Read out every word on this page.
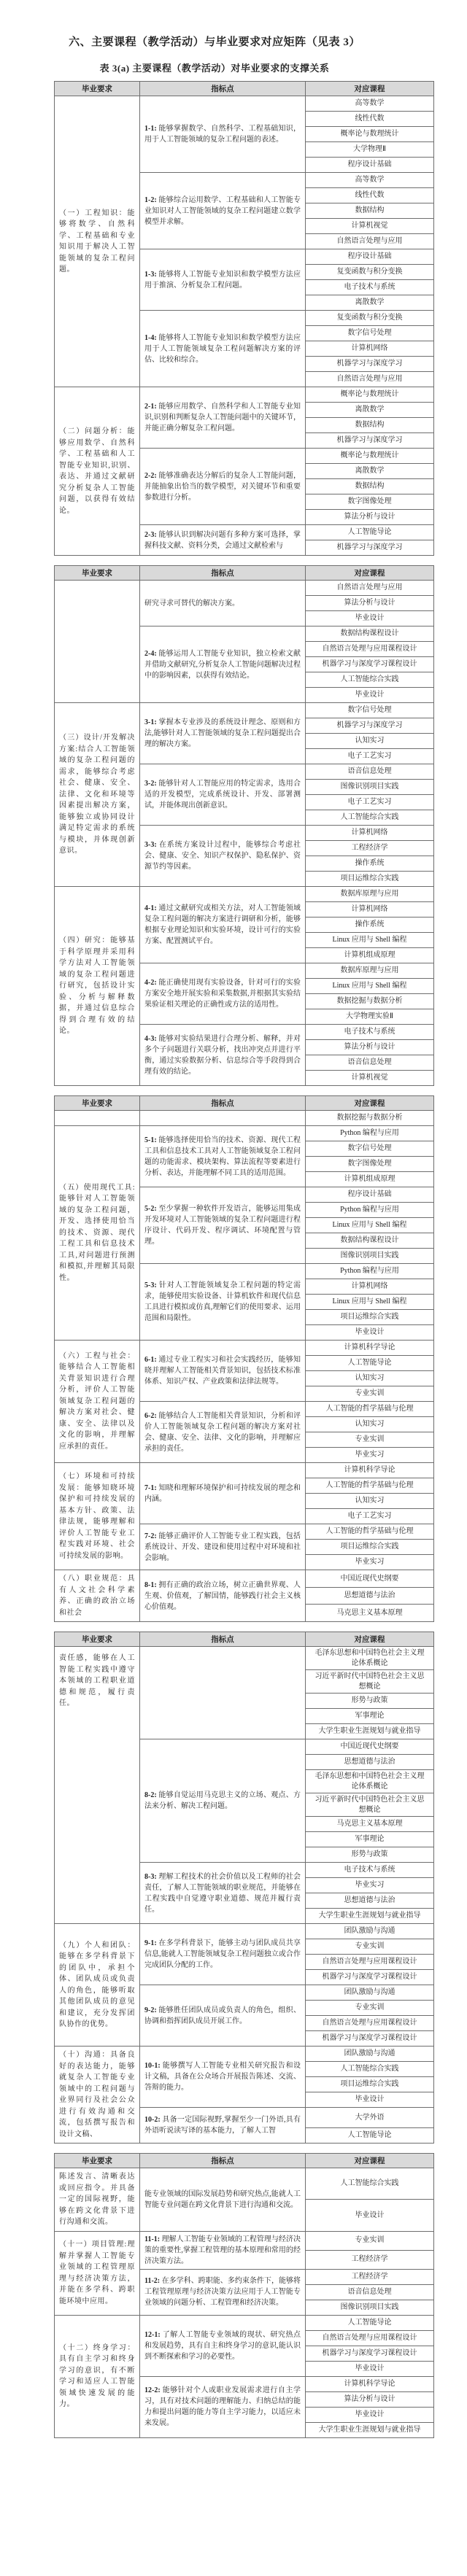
六、主要课程（教学活动）与毕业要求对应矩阵（见表 3）
表 3(a) 主要课程（教学活动）对毕业要求的支撑关系
毕业要求	指标点	对应课程
（一）工程知识：能够将数学、自然科学、工程基础和专业知识用于解决人工智能领域的复杂工程问题。	1-1: 能够掌握数学、自然科学、工程基础知识，用于人工智能领域的复杂工程问题的表述。	高等数学
		线性代数
		概率论与数理统计
		大学物理Ⅱ
		程序设计基础
	1-2: 能够综合运用数学、工程基础和人工智能专业知识对人工智能领域的复杂工程问题建立数学模型并求解。	高等数学
		线性代数
		数据结构
		计算机视觉
		自然语言处理与应用
	1-3: 能够将人工智能专业知识和数学模型方法应用于推演、分析复杂工程问题。	程序设计基础
		复变函数与积分变换
		电子技术与系统
		离散数学
	1-4: 能够将人工智能专业知识和数学模型方法应用于人工智能领域复杂工程问题解决方案的评估、比较和综合。	复变函数与积分变换
		数字信号处理
		计算机网络
		机器学习与深度学习
		自然语言处理与应用
（二）问题分析：能够应用数学、自然科学、工程基础和人工智能专业知识,识别、表达、并通过文献研究分析复杂人工智能问题，以获得有效结论。	2-1: 能够应用数学、自然科学和人工智能专业知识,识别和判断复杂人工智能问题中的关键环节，并能正确分解复杂工程问题。	概率论与数理统计
		离散数学
		数据结构
		机器学习与深度学习
	2-2: 能够准确表达分解后的复杂人工智能问题，并能抽象出恰当的数学模型，对关键环节和重要参数进行分析。	概率论与数理统计
		离散数学
		数据结构
		数字图像处理
		算法分析与设计
	2-3: 能够认识到解决问题有多种方案可选择，掌握科技文献、资料分类，会通过文献检索与	人工智能导论
		机器学习与深度学习
毕业要求	指标点	对应课程
	研究寻求可替代的解决方案。	自然语言处理与应用
		算法分析与设计
		毕业设计
	2-4: 能够运用人工智能专业知识，独立检索文献并借助文献研究,分析复杂人工智能问题解决过程中的影响因素，以获得有效结论。	数据结构课程设计
		自然语言处理与应用课程设计
		机器学习与深度学习课程设计
		人工智能综合实践
		毕业设计
（三）设计/开发解决方案:结合人工智能领域的复杂工程问题的需求，能够综合考虑社会、健康、安全、法律、文化和环境等因素提出解决方案，能够独立或协同设计满足特定需求的系统与模块，并体现创新意识。	3-1: 掌握本专业涉及的系统设计理念、原则和方法,能够针对人工智能领域的复杂工程问题提出合理的解决方案。	数字信号处理
		机器学习与深度学习
		认知实习
		电子工艺实习
	3-2: 能够针对人工智能应用的特定需求，选用合适的开发模型，完成系统设计、开发、部署测试，并能体现出创新意识。	语音信息处理
		图像识别项目实践
		电子工艺实习
		人工智能综合实践
	3-3: 在系统方案设计过程中，能够综合考虑社会、健康、安全、知识产权保护、隐私保护、资源节约等因素。	计算机网络
		工程经济学
		操作系统
		项目运维综合实践
（四）研究：能够基于科学原理并采用科学方法对人工智能领域的复杂工程问题进行研究，包括设计实验、分析与解释数据，并通过信息综合得到合理有效的结论。	4-1: 通过文献研究或相关方法，对人工智能领域复杂工程问题的解决方案进行调研和分析，能够根据专业理论知识和实验环境，设计可行的实验方案、配置测试平台。	数据库原理与应用
		计算机网络
		操作系统
		Linux 应用与 Shell 编程
		计算机组成原理
	4-2: 能正确使用现有实验设备，针对可行的实验方案安全地开展实验和采集数据,并根据其实验结果验证相关理论的正确性或方法的适用性。	数据库原理与应用
		Linux 应用与 Shell 编程
		数据挖掘与数据分析
		大学物理实验Ⅱ
	4-3: 能够对实验结果进行合理分析、解释，并对多个子问题进行关联分析，找出冲突点并进行平衡，通过实验数据分析、信息综合等手段得到合理有效的结论。	电子技术与系统
		算法分析与设计
		语音信息处理
		计算机视觉
毕业要求	指标点	对应课程
		数据挖掘与数据分析
（五）使用现代工具:能够针对人工智能领域的复杂工程问题，开发、选择使用恰当的技术、资源、现代工程工具和信息技术工具,对问题进行预测和模拟,并理解其局限性。	5-1: 能够选择使用恰当的技术、资源、现代工程工具和信息技术工具对人工智能领域复杂工程问题的功能需求、模块架构、算法流程等要素进行分析、表达，并能理解不同工具的适用范围。	Python 编程与应用
		数字信号处理
		数字图像处理
		计算机组成原理
	5-2: 至少掌握一种软件开发语言，能够运用集成开发环境对人工智能领域的复杂工程问题进行程序设计、代码开发、程序调试、环境配置与管理。	程序设计基础
		Python 编程与应用
		Linux 应用与 Shell 编程
		数据结构课程设计
		图像识别项目实践
	5-3: 针对人工智能领域复杂工程问题的特定需求，能够使用实验设备、计算机软件和现代信息工具进行模拟或仿真,理解它们的使用要求、运用范围和局限性。	Python 编程与应用
		计算机网络
		Linux 应用与 Shell 编程
		项目运维综合实践
		毕业设计
（六）工程与社会：能够结合人工智能相关背景知识进行合理分析，评价人工智能领域复杂工程问题的解决方案对社会、健康、安全、法律以及文化的影响，并理解应承担的责任。	6-1: 通过专业工程实习和社会实践经历，能够知晓并理解人工智能相关背景知识，包括技术标准体系、知识产权、产业政策和法律法规等。	计算机科学导论
		人工智能导论
		认知实习
		专业实训
	6-2: 能够结合人工智能相关背景知识，分析和评价人工智能领域复杂工程问题的解决方案对社会、健康、安全、法律、文化的影响，并理解应承担的责任。	人工智能的哲学基础与伦理
		认知实习
		专业实训
		毕业实习
（七）环境和可持续发展：能够知晓环境保护和可持续发展的基本方针、政策、法律法规，能够理解和评价人工智能专业工程实践对环境、社会可持续发展的影响。	7-1: 知晓和理解环境保护和可持续发展的理念和内涵。	计算机科学导论
		人工智能的哲学基础与伦理
		认知实习
		电子工艺实习
	7-2: 能够正确评价人工智能专业工程实践，包括系统设计、开发、建设和使用过程中对环境和社会影响。	人工智能的哲学基础与伦理
		项目运维综合实践
		毕业实习
（八）职业规范：具有人文社会科学素养、正确的政治立场和社会	8-1: 拥有正确的政治立场，树立正确世界观、人生观、价值观，了解国情，能够践行社会主义核心价值观。	中国近现代史纲要
		思想道德与法治
		马克思主义基本原理
毕业要求	指标点	对应课程
责任感，能够在人工智能工程实践中遵守本领域的工程职业道德和规范，履行责任。		毛泽东思想和中国特色社会主义理论体系概论
		习近平新时代中国特色社会主义思想概论
		形势与政策
		军事理论
		大学生职业生涯规划与就业指导
	8-2: 能够自觉运用马克思主义的立场、观点、方法来分析、解决工程问题。	中国近现代史纲要
		思想道德与法治
		毛泽东思想和中国特色社会主义理论体系概论
		习近平新时代中国特色社会主义思想概论
		马克思主义基本原理
		军事理论
		形势与政策
	8-3: 理解工程技术的社会价值以及工程师的社会责任，了解人工智能领域的职业规范，并能够在工程实践中自觉遵守职业道德、规范并履行责任。	电子技术与系统
		毕业实习
		思想道德与法治
		大学生职业生涯规划与就业指导
（九）个人和团队：能够在多学科背景下的团队中，承担个体、团队成员或负责人的角色，能够听取其他团队成员的意见和建议，充分发挥团队协作的优势。	9-1: 在多学科背景下，能够主动与团队成员共享信息,能就人工智能领域复杂工程问题独立或合作完成团队分配的工作。	团队激励与沟通
		专业实训
		自然语言处理与应用课程设计
		机器学习与深度学习课程设计
	9-2: 能够胜任团队成员或负责人的角色，组织、协调和指挥团队成员开展工作。	团队激励与沟通
		专业实训
		自然语言处理与应用课程设计
		机器学习与深度学习课程设计
（十）沟通：具备良好的表达能力，能够就复杂人工智能专业领域中的工程问题与业界同行及社会公众进行有效沟通和交流，包括撰写报告和设计文稿、	10-1: 能够撰写人工智能专业相关研究报告和设计文稿，具备在公众场合开展报告陈述、交流、答辩的能力。	团队激励与沟通
		人工智能综合实践
		项目运维综合实践
		毕业设计
	10-2: 具备一定国际视野,掌握至少一门外语,具有外语听说读写译的基本能力，了解人工智	大学外语
		人工智能导论
毕业要求	指标点	对应课程
陈述发言、清晰表达或回应指令。并具备一定的国际视野，能够在跨文化背景下进行沟通和交流。	能专业领域的国际发展趋势和研究热点,能就人工智能专业问题在跨文化背景下进行沟通和交流。	人工智能综合实践
		毕业设计
（十一）项目管理:理解并掌握人工智能专业领域的工程管理原理与经济决策方法，并能在多学科、跨职能环境中应用。	11-1: 理解人工智能专业领域的工程管理与经济决策的重要性,掌握工程管理的基本原理和常用的经济决策方法。	专业实训
		工程经济学
	11-2: 在多学科、跨职能、多约束条件下，能够将工程管理原理与经济决策方法应用于人工智能专业领域的问题分析、工程管理和经济决策。	工程经济学
		语音信息处理
		图像识别项目实践
（十二）终身学习：具有自主学习和终身学习的意识，有不断学习和适应人工智能领域快速发展的能力。	12-1: 了解人工智能专业领域的现状、研究热点和发展趋势，具有自主和终身学习的意识,能认识到不断探索和学习的必要性。	人工智能导论
		自然语言处理与应用课程设计
		机器学习与深度学习课程设计
		毕业设计
	12-2: 能够针对个人或职业发展需求进行自主学习，具有对技术问题的理解能力、归纳总结的能力和提出问题的能力等自主学习能力，以适应未来发展。	计算机科学导论
		算法分析与设计
		毕业设计
		大学生职业生涯规划与就业指导
